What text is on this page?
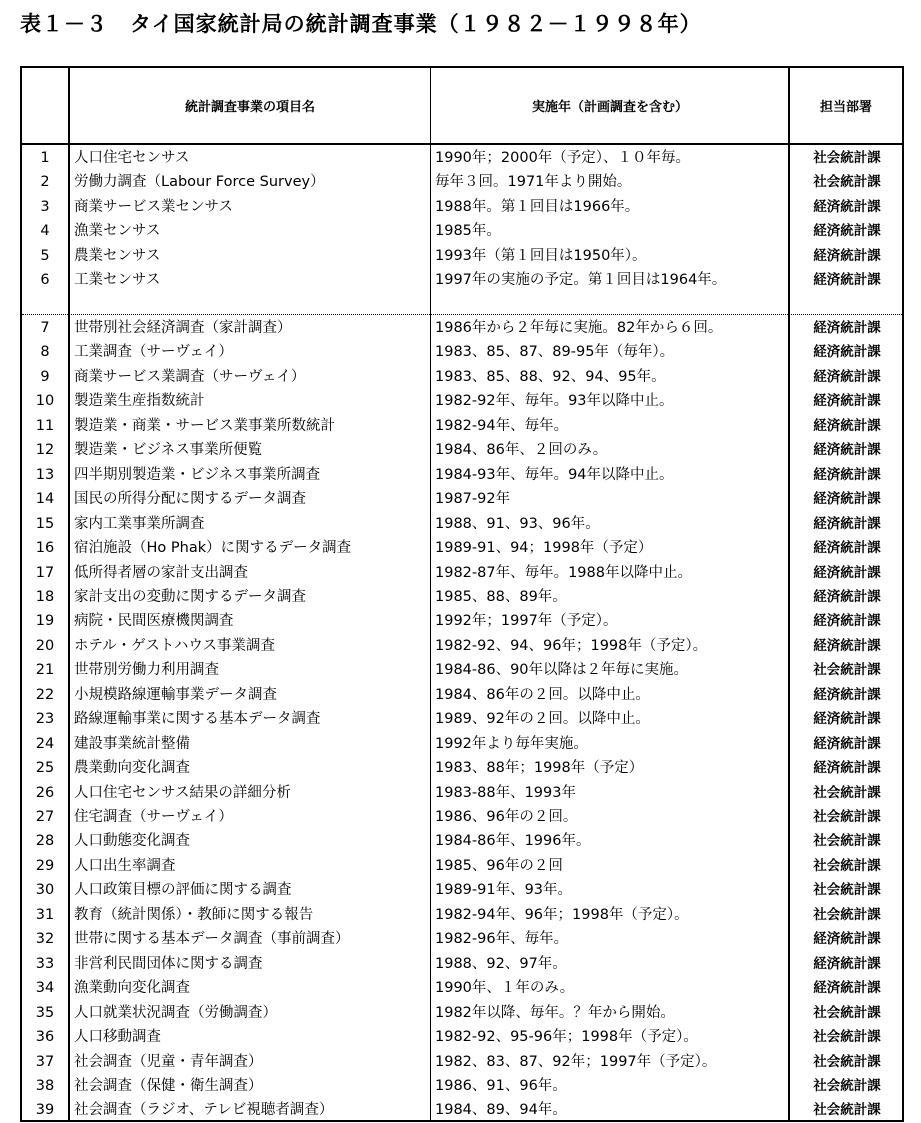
表１－３　タイ国家統計局の統計調査事業（１９８２－１９９８年）
統計調査事業の項目名	実施年（計画調査を含む）	担当部署
1	人口住宅センサス	1990年；2000年（予定）、１０年毎。	社会統計課
2	労働力調査（Labour Force Survey）	毎年３回。1971年より開始。	社会統計課
3	商業サービス業センサス	1988年。第１回目は1966年。	経済統計課
4	漁業センサス	1985年。	経済統計課
5	農業センサス	1993年（第１回目は1950年）。	経済統計課
6	工業センサス	1997年の実施の予定。第１回目は1964年。	経済統計課
7	世帯別社会経済調査（家計調査）	1986年から２年毎に実施。82年から６回。	経済統計課
8	工業調査（サーヴェイ）	1983、85、87、89-95年（毎年）。	経済統計課
9	商業サービス業調査（サーヴェイ）	1983、85、88、92、94、95年。	経済統計課
10	製造業生産指数統計	1982-92年、毎年。93年以降中止。	経済統計課
11	製造業・商業・サービス業事業所数統計	1982-94年、毎年。	経済統計課
12	製造業・ビジネス事業所便覧	1984、86年、２回のみ。	経済統計課
13	四半期別製造業・ビジネス事業所調査	1984-93年、毎年。94年以降中止。	経済統計課
14	国民の所得分配に関するデータ調査	1987-92年	経済統計課
15	家内工業事業所調査	1988、91、93、96年。	経済統計課
16	宿泊施設（Ho Phak）に関するデータ調査	1989-91、94；1998年（予定）	経済統計課
17	低所得者層の家計支出調査	1982-87年、毎年。1988年以降中止。	経済統計課
18	家計支出の変動に関するデータ調査	1985、88、89年。	経済統計課
19	病院・民間医療機関調査	1992年；1997年（予定）。	経済統計課
20	ホテル・ゲストハウス事業調査	1982-92、94、96年；1998年（予定）。	経済統計課
21	世帯別労働力利用調査	1984-86、90年以降は２年毎に実施。	社会統計課
22	小規模路線運輸事業データ調査	1984、86年の２回。以降中止。	経済統計課
23	路線運輸事業に関する基本データ調査	1989、92年の２回。以降中止。	経済統計課
24	建設事業統計整備	1992年より毎年実施。	経済統計課
25	農業動向変化調査	1983、88年；1998年（予定）	経済統計課
26	人口住宅センサス結果の詳細分析	1983-88年、1993年	社会統計課
27	住宅調査（サーヴェイ）	1986、96年の２回。	社会統計課
28	人口動態変化調査	1984-86年、1996年。	社会統計課
29	人口出生率調査	1985、96年の２回	社会統計課
30	人口政策目標の評価に関する調査	1989-91年、93年。	社会統計課
31	教育（統計関係）・教師に関する報告	1982-94年、96年；1998年（予定）。	社会統計課
32	世帯に関する基本データ調査（事前調査）	1982-96年、毎年。	経済統計課
33	非営利民間団体に関する調査	1988、92、97年。	経済統計課
34	漁業動向変化調査	1990年、１年のみ。	経済統計課
35	人口就業状況調査（労働調査）	1982年以降、毎年。？年から開始。	社会統計課
36	人口移動調査	1982-92、95-96年；1998年（予定）。	社会統計課
37	社会調査（児童・青年調査）	1982、83、87、92年；1997年（予定）。	社会統計課
38	社会調査（保健・衛生調査）	1986、91、96年。	社会統計課
39	社会調査（ラジオ、テレビ視聴者調査）	1984、89、94年。	社会統計課
